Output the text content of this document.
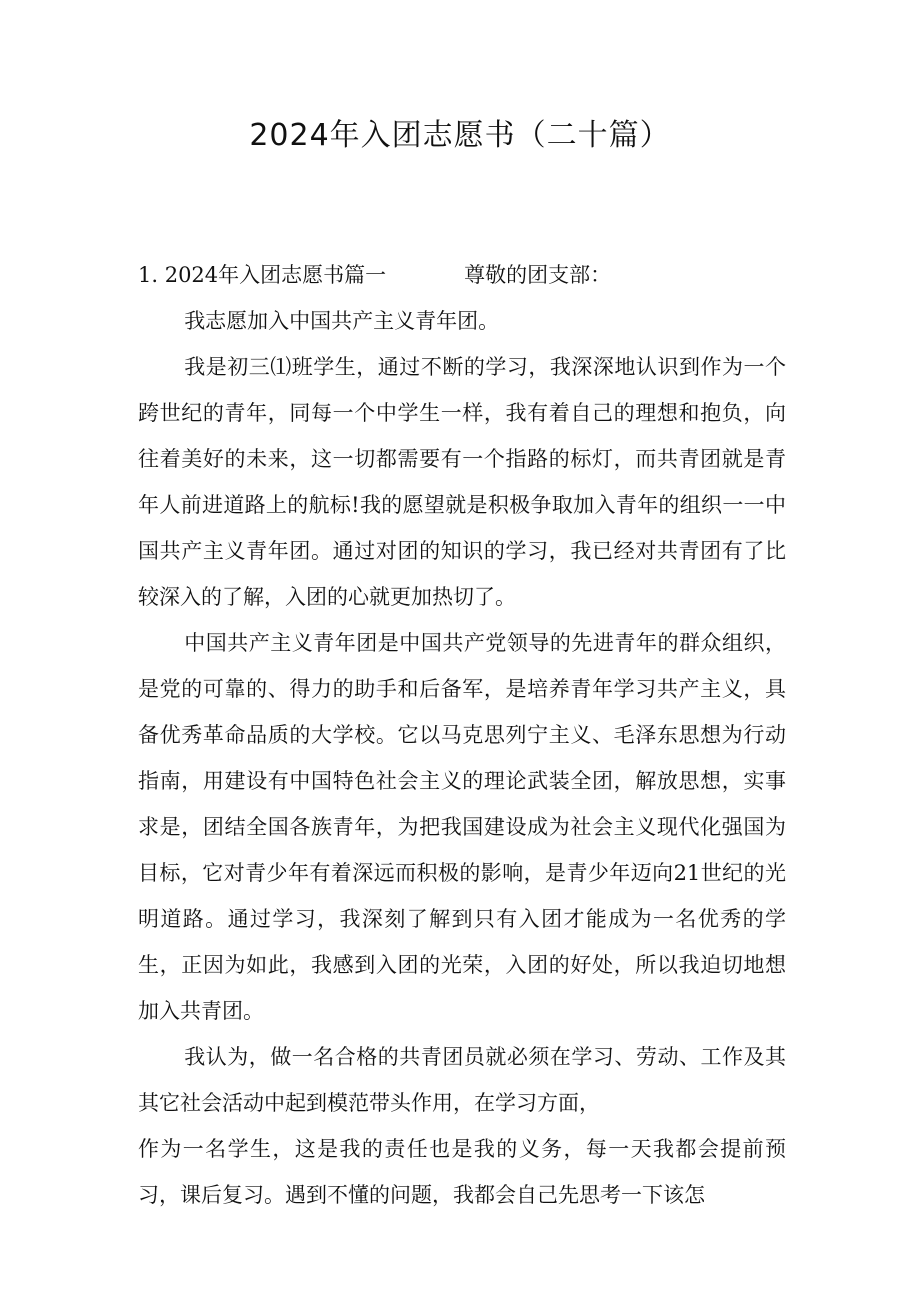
2024年入团志愿书（二十篇）

1. 2024年入团志愿书篇一	尊敬的团支部：

我志愿加入中国共产主义青年团。

我是初三⑴班学生，通过不断的学习，我深深地认识到作为一个跨世纪的青年，同每一个中学生一样，我有着自己的理想和抱负，向往着美好的未来，这一切都需要有一个指路的标灯，而共青团就是青年人前进道路上的航标!我的愿望就是积极争取加入青年的组织一一中国共产主义青年团。通过对团的知识的学习，我已经对共青团有了比较深入的了解，入团的心就更加热切了。

中国共产主义青年团是中国共产党领导的先进青年的群众组织，是党的可靠的、得力的助手和后备军，是培养青年学习共产主义，具备优秀革命品质的大学校。它以马克思列宁主义、毛泽东思想为行动指南，用建设有中国特色社会主义的理论武装全团，解放思想，实事求是，团结全国各族青年，为把我国建设成为社会主义现代化强国为目标，它对青少年有着深远而积极的影响，是青少年迈向21世纪的光明道路。通过学习，我深刻了解到只有入团才能成为一名优秀的学生，正因为如此，我感到入团的光荣，入团的好处，所以我迫切地想加入共青团。

我认为，做一名合格的共青团员就必须在学习、劳动、工作及其其它社会活动中起到模范带头作用，在学习方面，

作为一名学生，这是我的责任也是我的义务，每一天我都会提前预习，课后复习。遇到不懂的问题，我都会自己先思考一下该怎
